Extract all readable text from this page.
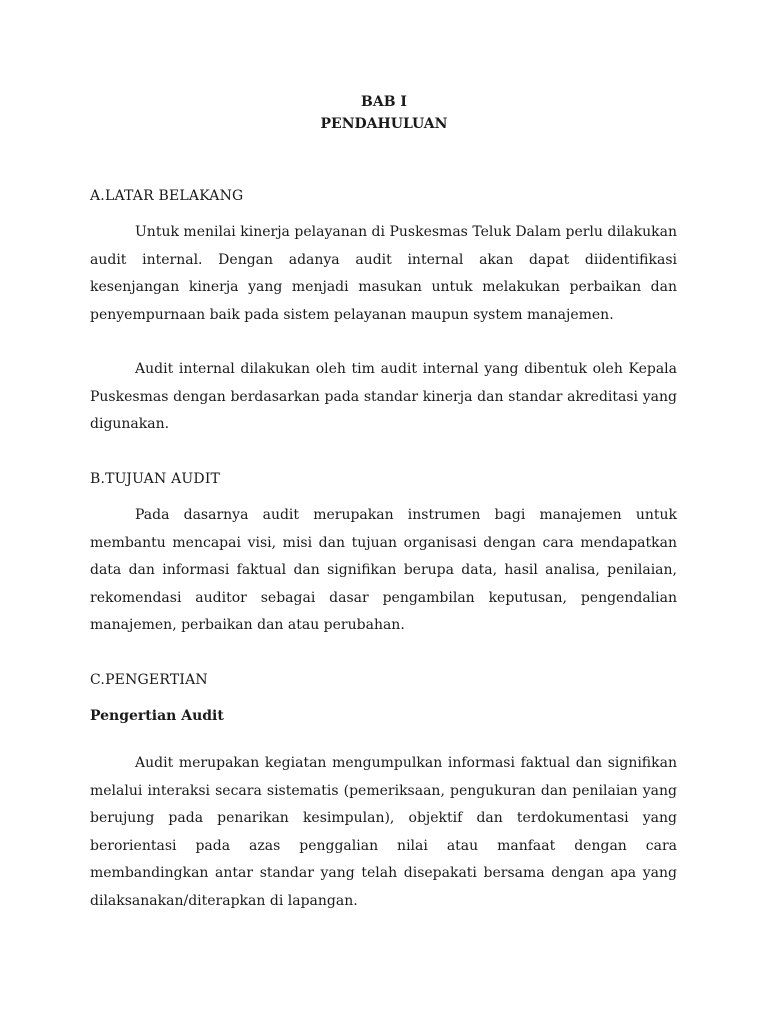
BAB I
PENDAHULUAN
A.LATAR BELAKANG

Untuk menilai kinerja pelayanan di Puskesmas Teluk Dalam perlu dilakukan audit internal. Dengan adanya audit internal akan dapat diidentifikasi kesenjangan kinerja yang menjadi masukan untuk melakukan perbaikan dan penyempurnaan baik pada sistem pelayanan maupun system manajemen.

Audit internal dilakukan oleh tim audit internal yang dibentuk oleh Kepala Puskesmas dengan berdasarkan pada standar kinerja dan standar akreditasi yang digunakan.

B.TUJUAN AUDIT

Pada dasarnya audit merupakan instrumen bagi manajemen untuk membantu mencapai visi, misi dan tujuan organisasi dengan cara mendapatkan data dan informasi faktual dan signifikan berupa data, hasil analisa, penilaian, rekomendasi auditor sebagai dasar pengambilan keputusan, pengendalian manajemen, perbaikan dan atau perubahan.

C.PENGERTIAN
Pengertian Audit

Audit merupakan kegiatan mengumpulkan informasi faktual dan signifikan melalui interaksi secara sistematis (pemeriksaan, pengukuran dan penilaian yang berujung pada penarikan kesimpulan), objektif dan terdokumentasi yang berorientasi pada azas penggalian nilai atau manfaat dengan cara membandingkan antar standar yang telah disepakati bersama dengan apa yang dilaksanakan/diterapkan di lapangan.
